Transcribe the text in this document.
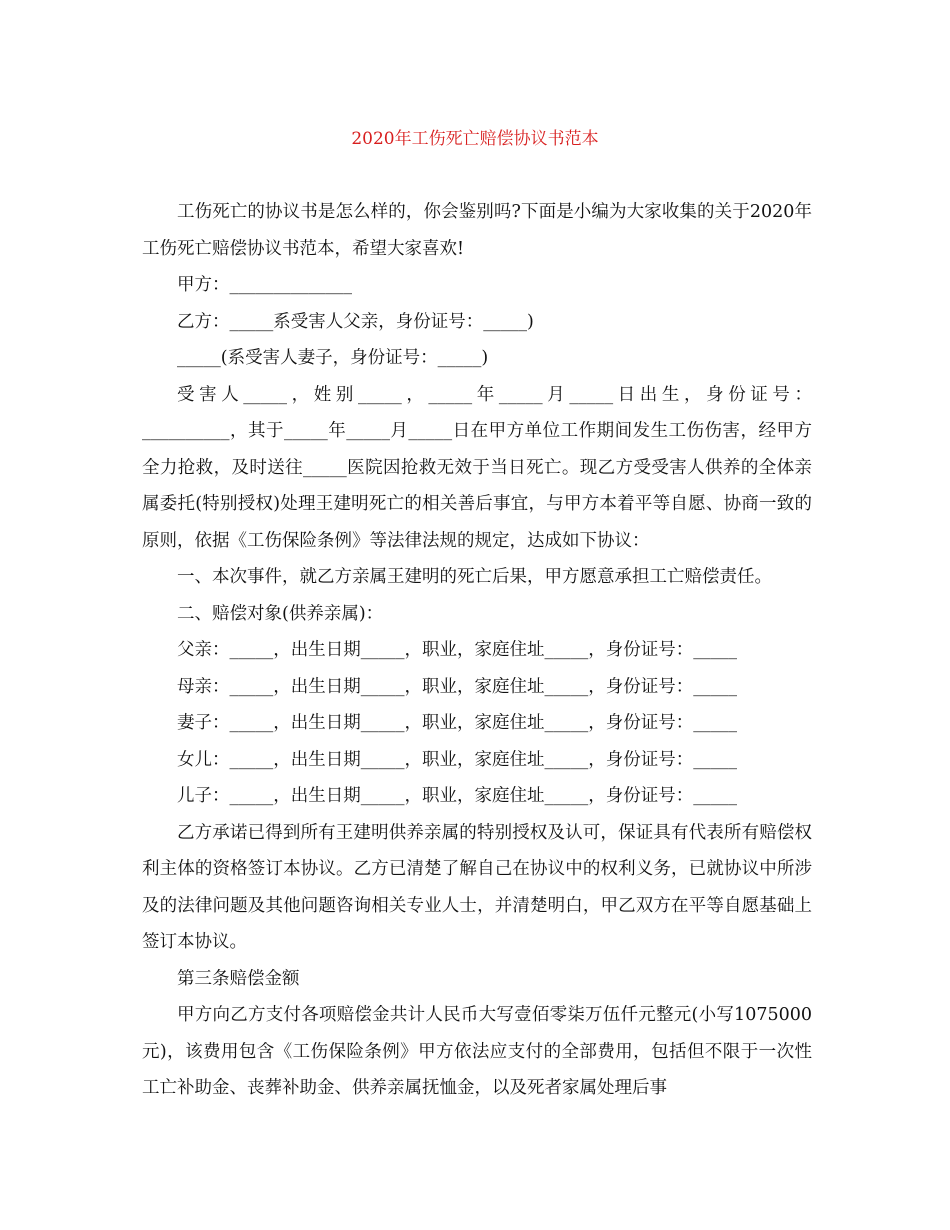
2020年工伤死亡赔偿协议书范本

工伤死亡的协议书是怎么样的，你会鉴别吗?下面是小编为大家收集的关于2020年工伤死亡赔偿协议书范本，希望大家喜欢!

甲方：______________

乙方：_____系受害人父亲，身份证号：_____)

_____(系受害人妻子，身份证号：_____)

受害人_____，姓别_____，_____年_____月_____日出生，身份证号：__________，其于_____年_____月_____日在甲方单位工作期间发生工伤伤害，经甲方全力抢救，及时送往_____医院因抢救无效于当日死亡。现乙方受受害人供养的全体亲属委托(特别授权)处理王建明死亡的相关善后事宜，与甲方本着平等自愿、协商一致的原则，依据《工伤保险条例》等法律法规的规定，达成如下协议：

一、本次事件，就乙方亲属王建明的死亡后果，甲方愿意承担工亡赔偿责任。

二、赔偿对象(供养亲属)：

父亲：_____，出生日期_____，职业，家庭住址_____，身份证号：_____

母亲：_____，出生日期_____，职业，家庭住址_____，身份证号：_____

妻子：_____，出生日期_____，职业，家庭住址_____，身份证号：_____

女儿：_____，出生日期_____，职业，家庭住址_____，身份证号：_____

儿子：_____，出生日期_____，职业，家庭住址_____，身份证号：_____

乙方承诺已得到所有王建明供养亲属的特别授权及认可，保证具有代表所有赔偿权利主体的资格签订本协议。乙方已清楚了解自己在协议中的权利义务，已就协议中所涉及的法律问题及其他问题咨询相关专业人士，并清楚明白，甲乙双方在平等自愿基础上签订本协议。

第三条赔偿金额

甲方向乙方支付各项赔偿金共计人民币大写壹佰零柒万伍仟元整元(小写1075000元)，该费用包含《工伤保险条例》甲方依法应支付的全部费用，包括但不限于一次性工亡补助金、丧葬补助金、供养亲属抚恤金，以及死者家属处理后事
